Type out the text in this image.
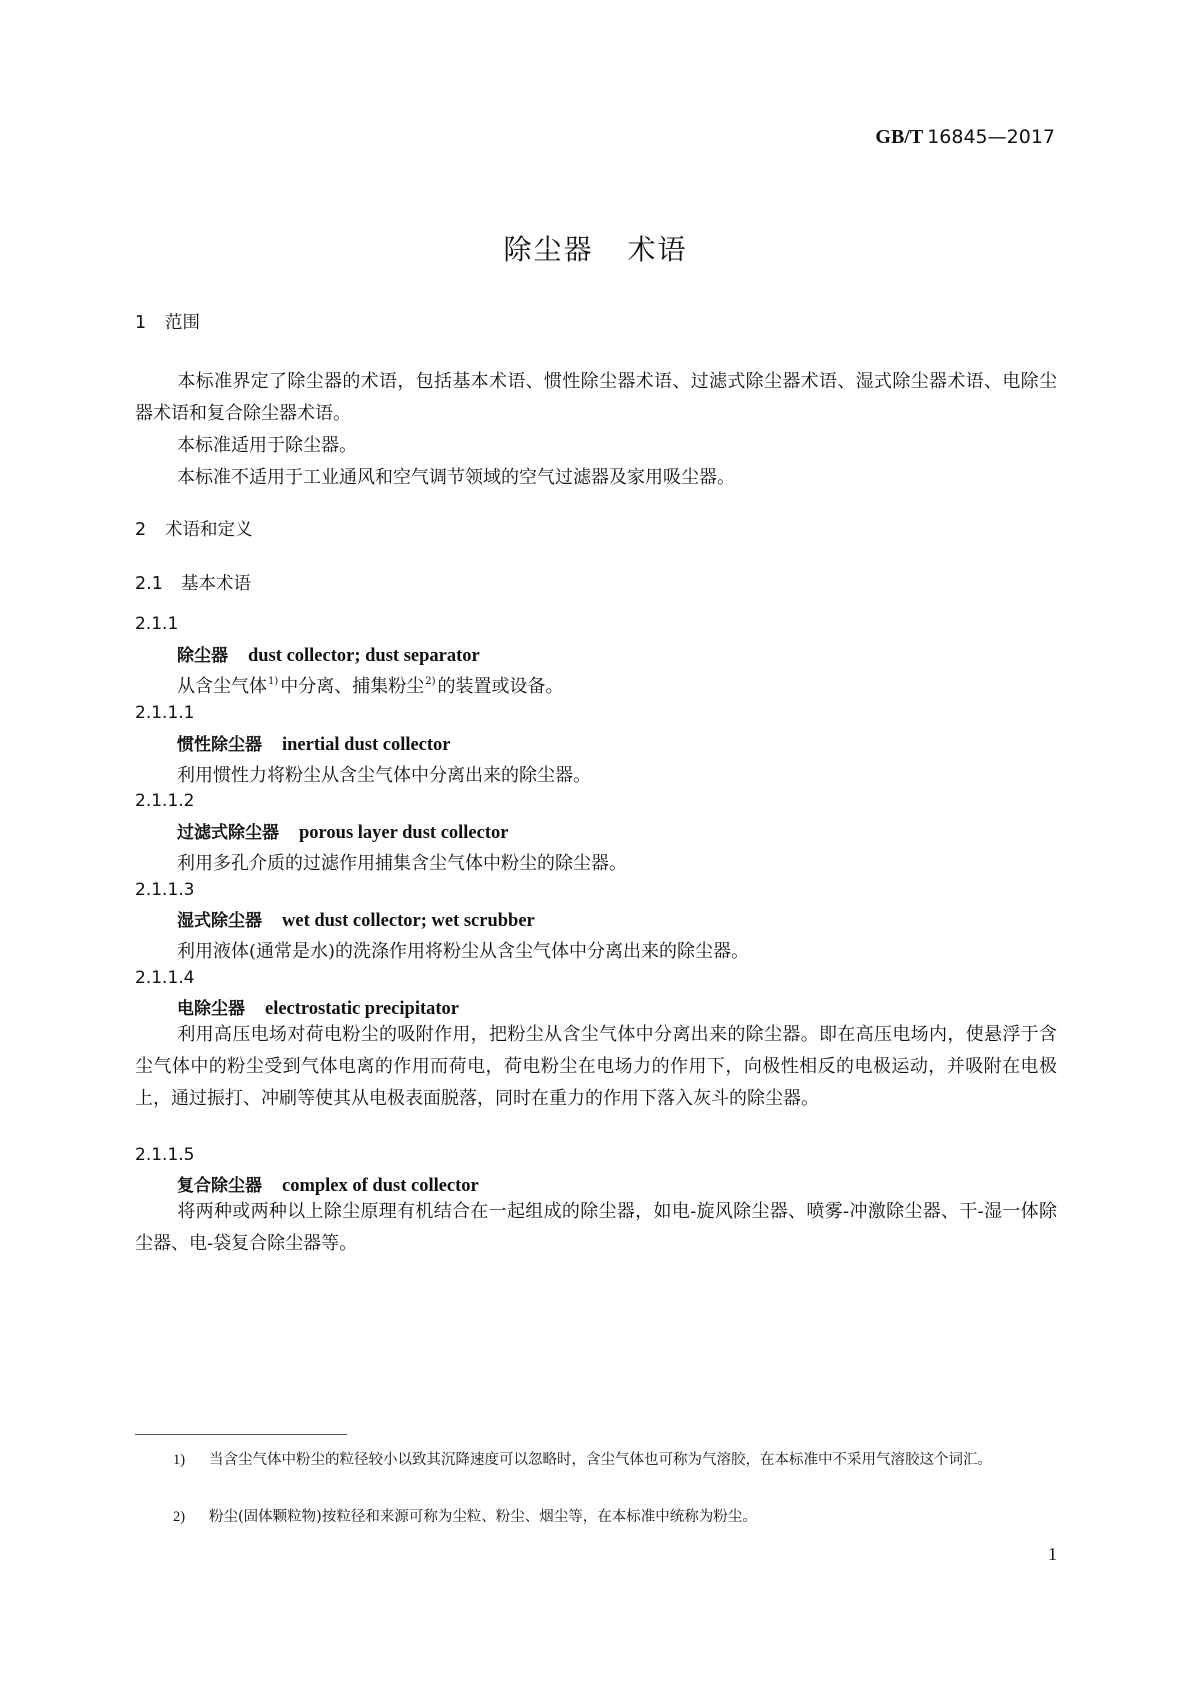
GB/T 16845—2017
除尘器 术语
1 范围
本标准界定了除尘器的术语，包括基本术语、惯性除尘器术语、过滤式除尘器术语、湿式除尘器术语、电除尘器术语和复合除尘器术语。
本标准适用于除尘器。
本标准不适用于工业通风和空气调节领域的空气过滤器及家用吸尘器。
2 术语和定义
2.1 基本术语
2.1.1
除尘器 dust collector; dust separator
从含尘气体$^{1)}$ 中分离、捕集粉尘$^{2)}$ 的装置或设备。
2.1.1.1
惯性除尘器 inertial dust collector
利用惯性力将粉尘从含尘气体中分离出来的除尘器。
2.1.1.2
过滤式除尘器 porous layer dust collector
利用多孔介质的过滤作用捕集含尘气体中粉尘的除尘器。
2.1.1.3
湿式除尘器 wet dust collector; wet scrubber
利用液体(通常是水)的洗涤作用将粉尘从含尘气体中分离出来的除尘器。
2.1.1.4
电除尘器 electrostatic precipitator
利用高压电场对荷电粉尘的吸附作用，把粉尘从含尘气体中分离出来的除尘器。即在高压电场内，使悬浮于含尘气体中的粉尘受到气体电离的作用而荷电，荷电粉尘在电场力的作用下，向极性相反的电极运动，并吸附在电极上，通过振打、冲刷等使其从电极表面脱落，同时在重力的作用下落入灰斗的除尘器。
2.1.1.5
复合除尘器 complex of dust collector
将两种或两种以上除尘原理有机结合在一起组成的除尘器，如电-旋风除尘器、喷雾-冲激除尘器、干-湿一体除尘器、电-袋复合除尘器等。
1) 当含尘气体中粉尘的粒径较小以致其沉降速度可以忽略时，含尘气体也可称为气溶胶，在本标准中不采用气溶胶这个词汇。
2) 粉尘(固体颗粒物)按粒径和来源可称为尘粒、粉尘、烟尘等，在本标准中统称为粉尘。
1
